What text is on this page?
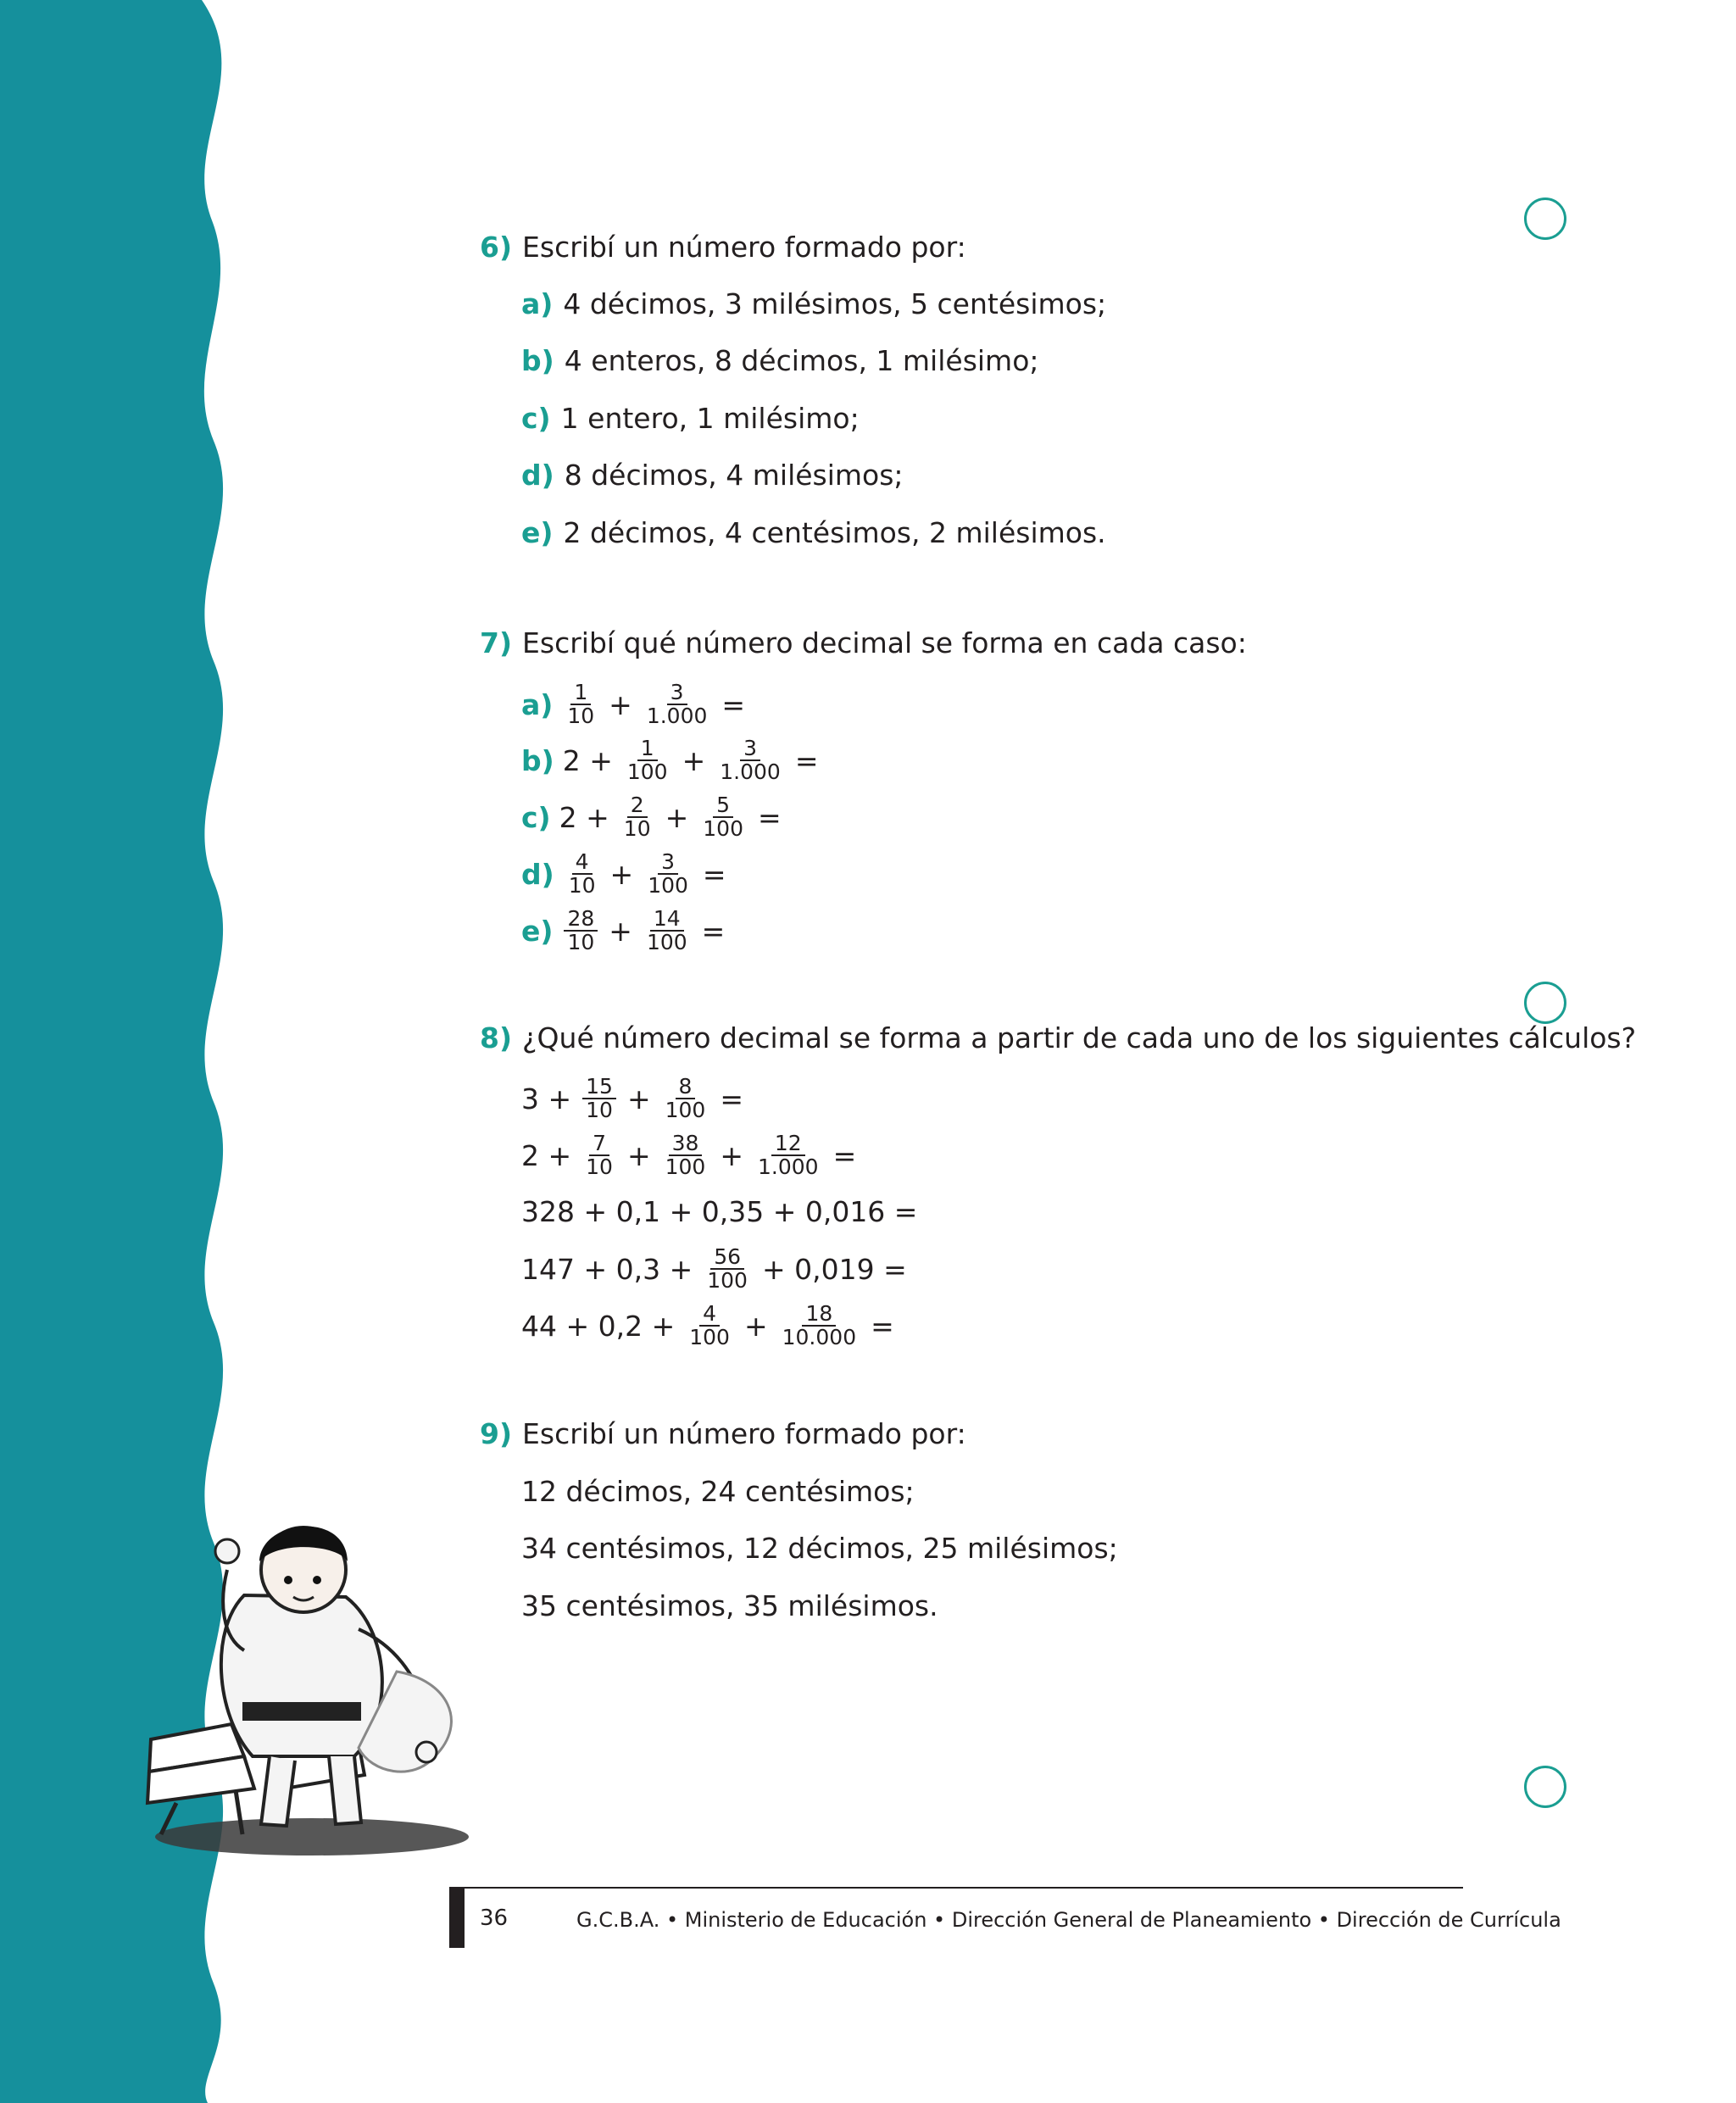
6) Escribí un número formado por:
a) 4 décimos, 3 milésimos, 5 centésimos;
b) 4 enteros, 8 décimos, 1 milésimo;
c) 1 entero, 1 milésimo;
d) 8 décimos, 4 milésimos;
e) 2 décimos, 4 centésimos, 2 milésimos.
7) Escribí qué número decimal se forma en cada caso:
$a) \frac{1}{10} + \frac{3}{1.000}$ =
b) $2 + \frac{1}{100} + \frac{3}{1.000}$ =
c) $2 + \frac{2}{10} + \frac{5}{100}$ =
$d) \frac{4}{10} + \frac{3}{100}$ =
$e) \frac{28}{10} + \frac{14}{100}$ =
8) ¿Qué número decimal se forma a partir de cada uno de los siguientes cálculos?
$3 + \frac{15}{10} + \frac{8}{100}$ =
$2 + \frac{7}{10} + \frac{38}{100} + \frac{12}{1.000}$ =
328 + 0,1 + 0,35 + 0,016 =
$147 + 0,3 + \frac{56}{100} + 0,019$ =
$44 + 0,2 + \frac{4}{100} + \frac{18}{10.000}$ =
9) Escribí un número formado por:
12 décimos, 24 centésimos;
34 centésimos, 12 décimos, 25 milésimos;
35 centésimos, 35 milésimos.
36	G.C.B.A. • Ministerio de Educación • Dirección General de Planeamiento • Dirección de Currícula
